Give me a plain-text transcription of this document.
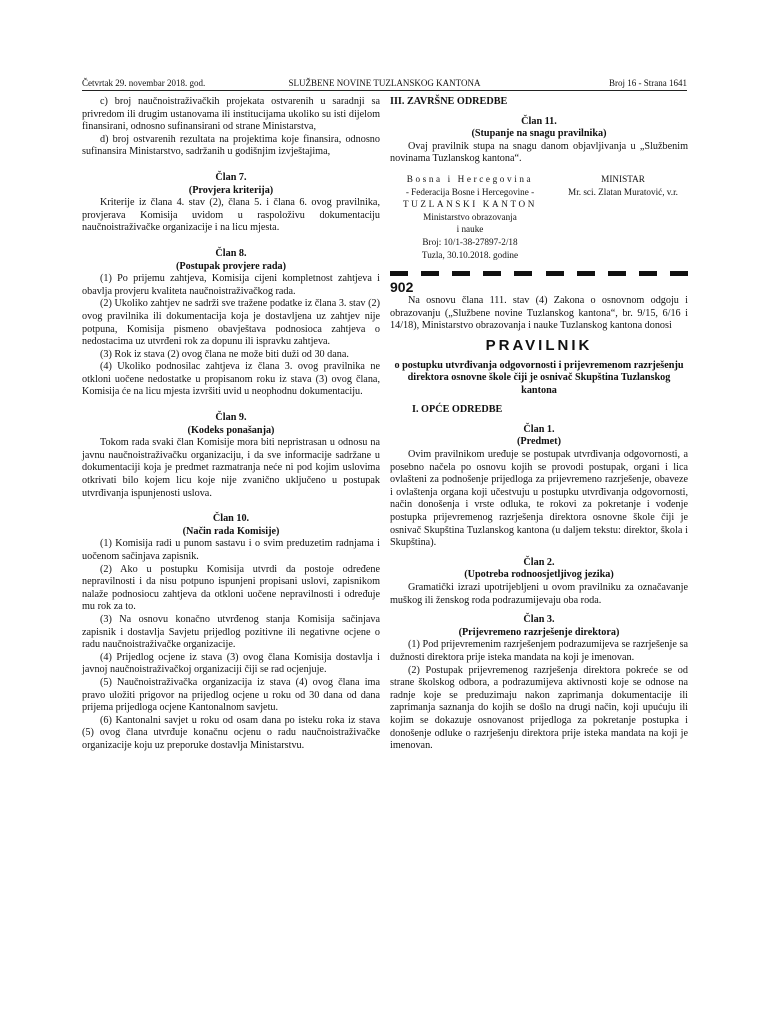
Četvrtak 29. novembar 2018. god.	SLUŽBENE NOVINE TUZLANSKOG KANTONA	Broj 16 - Strana 1641

c) broj naučnoistraživačkih projekata ostvarenih u saradnji sa privredom ili drugim ustanovama ili institucijama ukoliko su isti dijelom finansirani, odnosno sufinansirani od strane Ministarstva,

d) broj ostvarenih rezultata na projektima koje finansira, odnosno sufinansira Ministarstvo, sadržanih u godišnjim izvještajima,

Član 7.

(Provjera kriterija)

Kriterije iz člana 4. stav (2), člana 5. i člana 6. ovog pravilnika, provjerava Komisija uvidom u raspoloživu dokumentaciju naučnoistraživačke organizacije i na licu mjesta.

Član 8.

(Postupak provjere rada)

(1) Po prijemu zahtjeva, Komisija cijeni kompletnost zahtjeva i obavlja provjeru kvaliteta naučnoistraživačkog rada.

(2) Ukoliko zahtjev ne sadrži sve tražene podatke iz člana 3. stav (2) ovog pravilnika ili dokumentacija koja je dostavljena uz zahtjev nije potpuna, Komisija pismeno obavještava podnosioca zahtjeva o nedostacima uz utvrđeni rok za dopunu ili ispravku zahtjeva.

(3) Rok iz stava (2) ovog člana ne može biti duži od 30 dana.

(4) Ukoliko podnosilac zahtjeva iz člana 3. ovog pravilnika ne otkloni uočene nedostatke u propisanom roku iz stava (3) ovog člana, Komisija će na licu mjesta izvršiti uvid u neophodnu dokumentaciju.

Član 9.

(Kodeks ponašanja)

Tokom rada svaki član Komisije mora biti nepristrasan u odnosu na javnu naučnoistraživačku organizaciju, i da sve informacije sadržane u dokumentaciji koja je predmet razmatranja neće ni pod kojim uslovima otkrivati bilo kojem licu koje nije zvanično uključeno u postupak utvrđivanja ispunjenosti uslova.

Član 10.

(Način rada Komisije)

(1) Komisija radi u punom sastavu i o svim preduzetim radnjama i uočenom sačinjava zapisnik.

(2) Ako u postupku Komisija utvrdi da postoje određene nepravilnosti i da nisu potpuno ispunjeni propisani uslovi, zapisnikom nalaže podnosiocu zahtjeva da otkloni uočene nepravilnosti i određuje mu rok za to.

(3) Na osnovu konačno utvrđenog stanja Komisija sačinjava zapisnik i dostavlja Savjetu prijedlog pozitivne ili negativne ocjene o radu naučnoistraživačke organizacije.

(4) Prijedlog ocjene iz stava (3) ovog člana Komisija dostavlja i javnoj naučnoistraživačkoj organizaciji čiji se rad ocjenjuje.

(5) Naučnoistraživačka organizacija iz stava (4) ovog člana ima pravo uložiti prigovor na prijedlog ocjene u roku od 30 dana od dana prijema prijedloga ocjene Kantonalnom savjetu.

(6) Kantonalni savjet u roku od osam dana po isteku roka iz stava (5) ovog člana utvrđuje konačnu ocjenu o radu naučnoistraživačke organizacije koju uz preporuke dostavlja Ministarstvu.

III. ZAVRŠNE ODREDBE

Član 11.

(Stupanje na snagu pravilnika)

Ovaj pravilnik stupa na snagu danom objavljivanja u „Službenim novinama Tuzlanskog kantona“.

Bosna i Hercegovina
- Federacija Bosne i Hercegovine -
TUZLANSKI KANTON
Ministarstvo obrazovanja
i nauke
Broj: 10/1-38-27897-2/18
Tuzla, 30.10.2018. godine
MINISTAR
Mr. sci. Zlatan Muratović, v.r.

902

Na osnovu člana 111. stav (4) Zakona o osnovnom odgoju i obrazovanju („Službene novine Tuzlanskog kantona“, br. 9/15, 6/16 i 14/18), Ministarstvo obrazovanja i nauke Tuzlanskog kantona donosi

PRAVILNIK

o postupku utvrđivanja odgovornosti i prijevremenom razrješenju direktora osnovne škole čiji je osnivač Skupština Tuzlanskog kantona

I. OPĆE ODREDBE

Član 1.

(Predmet)

Ovim pravilnikom uređuje se postupak utvrđivanja odgovornosti, a posebno načela po osnovu kojih se provodi postupak, organi i lica ovlašteni za podnošenje prijedloga za prijevremeno razrješenje, obaveze i ovlaštenja organa koji učestvuju u postupku utvrđivanja odgovornosti, način donošenja i vrste odluka, te rokovi za pokretanje i vođenje postupka prijevremenog razrješenja direktora osnovne škole čiji je osnivač Skupština Tuzlanskog kantona (u daljem tekstu: direktor, škola i Skupština).

Član 2.

(Upotreba rodnoosjetljivog jezika)

Gramatički izrazi upotrijebljeni u ovom pravilniku za označavanje muškog ili ženskog roda podrazumijevaju oba roda.

Član 3.

(Prijevremeno razrješenje direktora)

(1) Pod prijevremenim razrješenjem podrazumijeva se razrješenje sa dužnosti direktora prije isteka mandata na koji je imenovan.

(2) Postupak prijevremenog razrješenja direktora pokreće se od strane školskog odbora, a podrazumijeva aktivnosti koje se odnose na radnje koje se preduzimaju nakon zaprimanja dokumentacije ili zaprimanja saznanja do kojih se došlo na drugi način, koji upućuju ili kojim se dokazuje osnovanost prijedloga za pokretanje postupka i donošenje odluke o razrješenju direktora prije isteka mandata na koji je imenovan.
